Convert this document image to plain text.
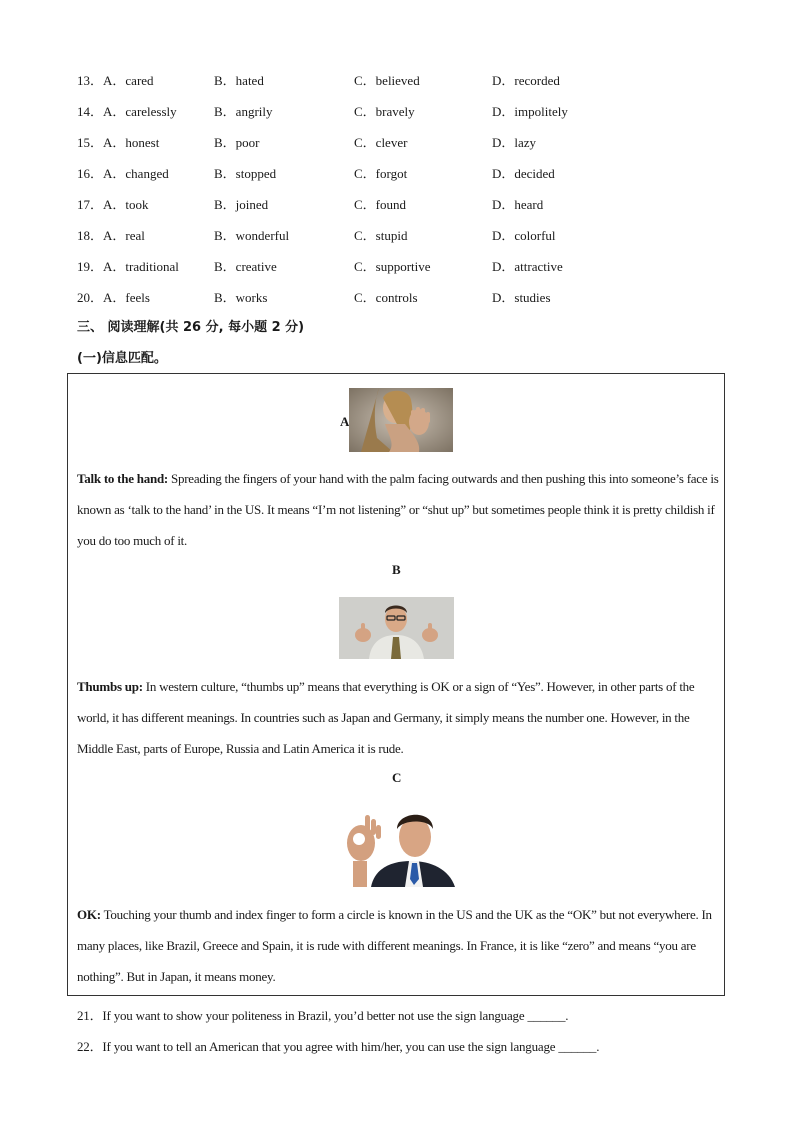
13．A．cared	B．hated	C．believed	D．recorded
14．A．carelessly	B．angrily	C．bravely	D．impolitely
15．A．honest	B．poor	C．clever	D．lazy
16．A．changed	B．stopped	C．forgot	D．decided
17．A．took	B．joined	C．found	D．heard
18．A．real	B．wonderful	C．stupid	D．colorful
19．A．traditional	B．creative	C．supportive	D．attractive
20．A．feels	B．works	C．controls	D．studies
三、 阅读理解(共 26 分, 每小题 2 分)
(一)信息匹配。
A
Talk to the hand: Spreading the fingers of your hand with the palm facing outwards and then pushing this into someone’s face is known as ‘talk to the hand’ in the US. It means “I’m not listening” or “shut up” but sometimes people think it is pretty childish if you do too much of it.
B
Thumbs up: In western culture, “thumbs up” means that everything is OK or a sign of “Yes”. However, in other parts of the world, it has different meanings. In countries such as Japan and Germany, it simply means the number one. However, in the Middle East, parts of Europe, Russia and Latin America it is rude.
C
OK: Touching your thumb and index finger to form a circle is known in the US and the UK as the “OK” but not everywhere. In many places, like Brazil, Greece and Spain, it is rude with different meanings. In France, it is like “zero” and means “you are nothing”. But in Japan, it means money.
21．If you want to show your politeness in Brazil, you’d better not use the sign language ______.
22．If you want to tell an American that you agree with him/her, you can use the sign language ______.
